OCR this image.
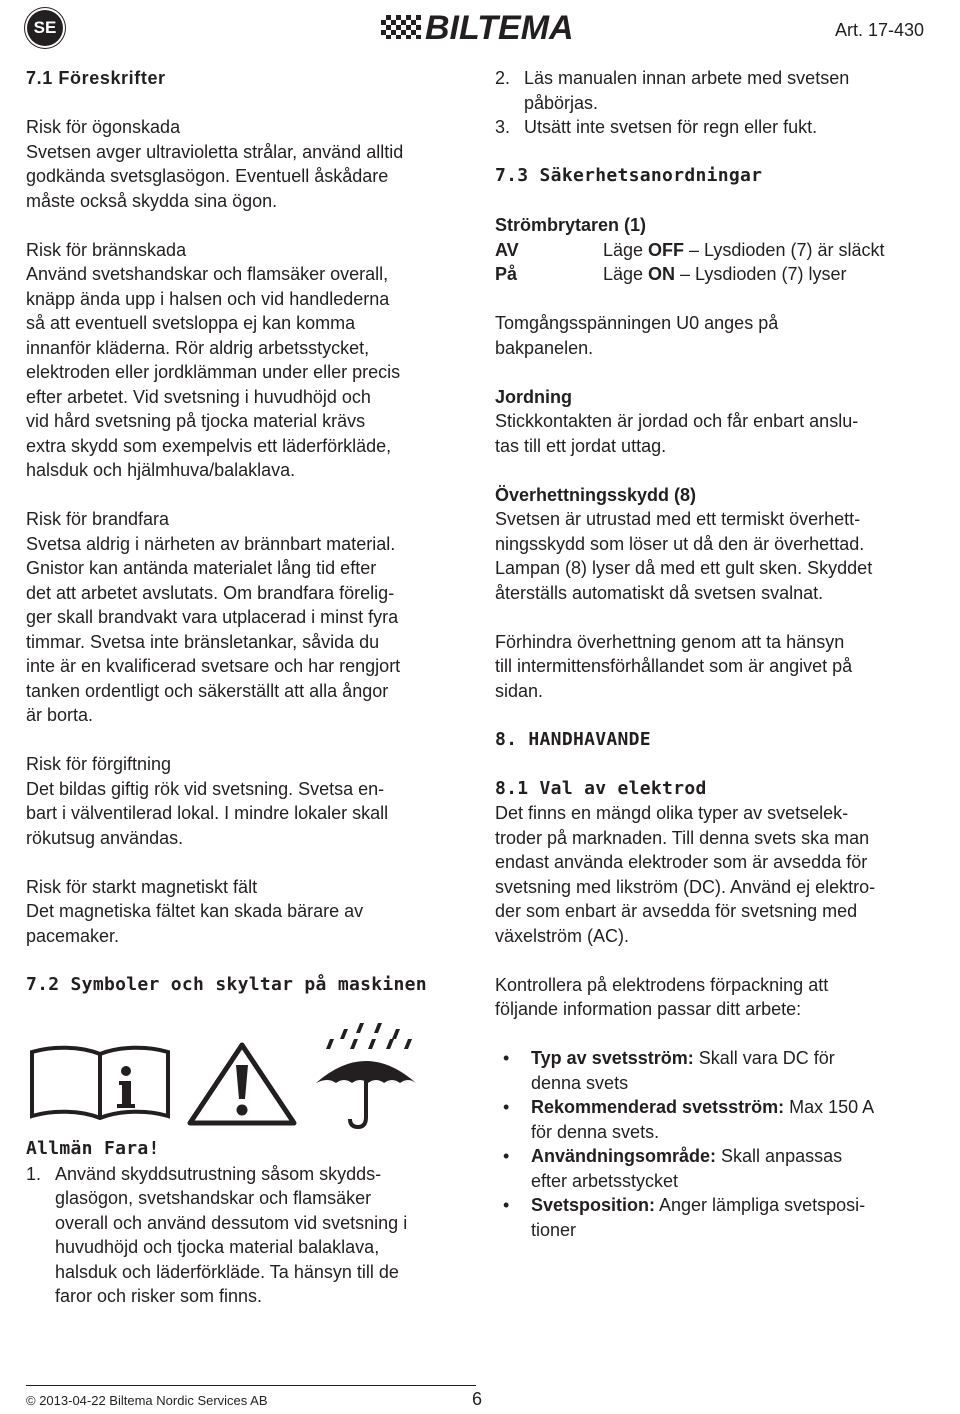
SE	BILTEMA	Art. 17-430
7.1 Föreskrifter

Risk för ögonskada

Svetsen avger ultravioletta strålar, använd alltid
godkända svetsglasögon. Eventuell åskådare
måste också skydda sina ögon.

Risk för brännskada

Använd svetshandskar och flamsäker overall,
knäpp ända upp i halsen och vid handlederna
så att eventuell svetsloppa ej kan komma
innanför kläderna. Rör aldrig arbetsstycket,
elektroden eller jordklämman under eller precis
efter arbetet. Vid svetsning i huvudhöjd och
vid hård svetsning på tjocka material krävs
extra skydd som exempelvis ett läderförkläde,
halsduk och hjälmhuva/balaklava.

Risk för brandfara

Svetsa aldrig i närheten av brännbart material.
Gnistor kan antända materialet lång tid efter
det att arbetet avslutats. Om brandfara förelig-
ger skall brandvakt vara utplacerad i minst fyra
timmar. Svetsa inte bränsletankar, såvida du
inte är en kvalificerad svetsare och har rengjort
tanken ordentligt och säkerställt att alla ångor
är borta.

Risk för förgiftning

Det bildas giftig rök vid svetsning. Svetsa en-
bart i välventilerad lokal. I mindre lokaler skall
rökutsug användas.

Risk för starkt magnetiskt fält

Det magnetiska fältet kan skada bärare av
pacemaker.

7.2 Symboler och skyltar på maskinen
Allmän Fara!
1. Använd skyddsutrustning såsom skydds-
glasögon, svetshandskar och flamsäker
overall och använd dessutom vid svetsning i
huvudhöjd och tjocka material balaklava,
halsduk och läderförkläde. Ta hänsyn till de
faror och risker som finns.
2. Läs manualen innan arbete med svetsen
påbörjas.
3. Utsätt inte svetsen för regn eller fukt.
7.3 Säkerhetsanordningar
Strömbrytaren (1)
AV	Läge OFF – Lysdioden (7) är släckt
På	Läge ON – Lysdioden (7) lyser

Tomgångsspänningen U0 anges på
bakpanelen.

Jordning

Stickkontakten är jordad och får enbart anslu-
tas till ett jordat uttag.

Överhettningsskydd (8)

Svetsen är utrustad med ett termiskt överhett-
ningsskydd som löser ut då den är överhettad.
Lampan (8) lyser då med ett gult sken. Skyddet
återställs automatiskt då svetsen svalnat.

Förhindra överhettning genom att ta hänsyn
till intermittensförhållandet som är angivet på
sidan.

8. HANDHAVANDE
8.1 Val av elektrod

Det finns en mängd olika typer av svetselek-
troder på marknaden. Till denna svets ska man
endast använda elektroder som är avsedda för
svetsning med likström (DC). Använd ej elektro-
der som enbart är avsedda för svetsning med
växelström (AC).

Kontrollera på elektrodens förpackning att
följande information passar ditt arbete:

•	Typ av svetsström: Skall vara DC för
denna svets
•	Rekommenderad svetsström: Max 150 A
för denna svets.
•	Användningsområde: Skall anpassas
efter arbetsstycket
•	Svetsposition: Anger lämpliga svetsposi-
tioner
© 2013-04-22 Biltema Nordic Services AB	6
